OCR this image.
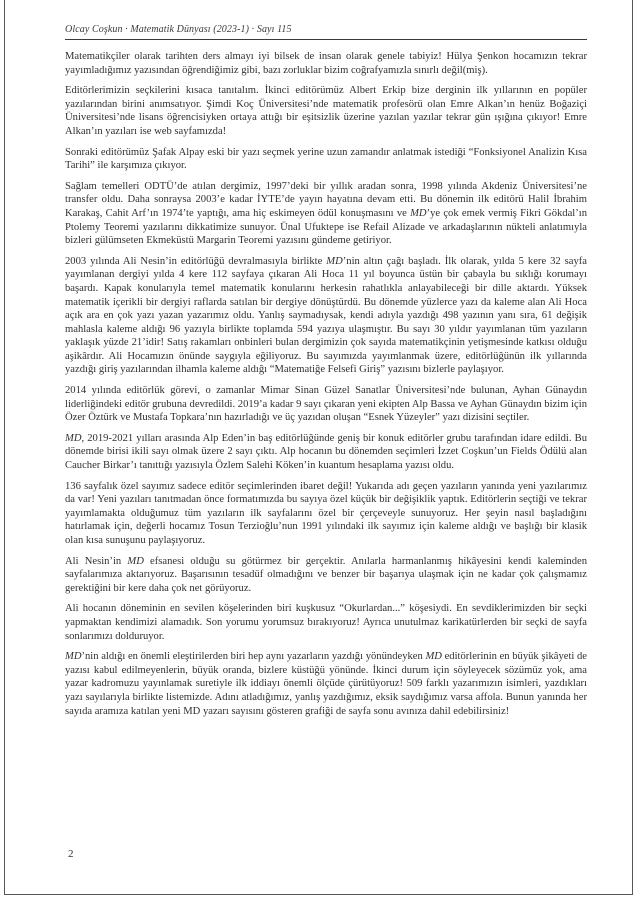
Olcay Coşkun · Matematik Dünyası (2023-1) · Sayı 115

Matematikçiler olarak tarihten ders almayı iyi bilsek de insan olarak genele tabiyiz! Hülya Şenkon hocamızın tekrar yayımladığımız yazısından öğrendiğimiz gibi, bazı zorluklar bizim coğrafyamızla sınırlı değil(miş).

Editörlerimizin seçkilerini kısaca tanıtalım. İkinci editörümüz Albert Erkip bize derginin ilk yıllarının en popüler yazılarından birini anımsatıyor. Şimdi Koç Üniversitesi’nde matematik profesörü olan Emre Alkan’ın henüz Boğaziçi Üniversitesi’nde lisans öğrencisiyken ortaya attığı bir eşitsizlik üzerine yazılan yazılar tekrar gün ışığına çıkıyor! Emre Alkan’ın yazıları ise web sayfamızda!

Sonraki editörümüz Şafak Alpay eski bir yazı seçmek yerine uzun zamandır anlatmak istediği “Fonksiyonel Analizin Kısa Tarihi” ile karşımıza çıkıyor.

Sağlam temelleri ODTÜ’de atılan dergimiz, 1997’deki bir yıllık aradan sonra, 1998 yılında Akdeniz Üniversitesi’ne transfer oldu. Daha sonraysa 2003’e kadar İYTE’de yayın hayatına devam etti. Bu dönemin ilk editörü Halil İbrahim Karakaş, Cahit Arf’ın 1974’te yaptığı, ama hiç eskimeyen ödül konuşmasını ve MD’ye çok emek vermiş Fikri Gökdal’ın Ptolemy Teoremi yazılarını dikkatimize sunuyor. Ünal Ufuktepe ise Refail Alizade ve arkadaşlarının nükteli anlatımıyla bizleri gülümseten Ekmeküstü Margarin Teoremi yazısını gündeme getiriyor.

2003 yılında Ali Nesin’in editörlüğü devralmasıyla birlikte MD’nin altın çağı başladı. İlk olarak, yılda 5 kere 32 sayfa yayımlanan dergiyi yılda 4 kere 112 sayfaya çıkaran Ali Hoca 11 yıl boyunca üstün bir çabayla bu sıklığı korumayı başardı. Kapak konularıyla temel matematik konularını herkesin rahatlıkla anlayabileceği bir dille aktardı. Yüksek matematik içerikli bir dergiyi raflarda satılan bir dergiye dönüştürdü. Bu dönemde yüzlerce yazı da kaleme alan Ali Hoca açık ara en çok yazı yazan yazarımız oldu. Yanlış saymadıysak, kendi adıyla yazdığı 498 yazının yanı sıra, 61 değişik mahlasla kaleme aldığı 96 yazıyla birlikte toplamda 594 yazıya ulaşmıştır. Bu sayı 30 yıldır yayımlanan tüm yazıların yaklaşık yüzde 21’idir! Satış rakamları onbinleri bulan dergimizin çok sayıda matematikçinin yetişmesinde katkısı olduğu aşikârdır. Ali Hocamızın önünde saygıyla eğiliyoruz. Bu sayımızda yayımlanmak üzere, editörlüğünün ilk yıllarında yazdığı giriş yazılarından ilhamla kaleme aldığı “Matematiğe Felsefi Giriş” yazısını bizlerle paylaşıyor.

2014 yılında editörlük görevi, o zamanlar Mimar Sinan Güzel Sanatlar Üniversitesi’nde bulunan, Ayhan Günaydın liderliğindeki editör grubuna devredildi. 2019’a kadar 9 sayı çıkaran yeni ekipten Alp Bassa ve Ayhan Günaydın bizim için Özer Öztürk ve Mustafa Topkara’nın hazırladığı ve üç yazıdan oluşan “Esnek Yüzeyler” yazı dizisini seçtiler.

MD, 2019-2021 yılları arasında Alp Eden’in baş editörlüğünde geniş bir konuk editörler grubu tarafından idare edildi. Bu dönemde birisi ikili sayı olmak üzere 2 sayı çıktı. Alp hocanın bu dönemden seçimleri İzzet Coşkun’un Fields Ödülü alan Caucher Birkar’ı tanıttığı yazısıyla Özlem Salehi Köken’in kuantum hesaplama yazısı oldu.

136 sayfalık özel sayımız sadece editör seçimlerinden ibaret değil! Yukarıda adı geçen yazıların yanında yeni yazılarımız da var! Yeni yazıları tanıtmadan önce formatımızda bu sayıya özel küçük bir değişiklik yaptık. Editörlerin seçtiği ve tekrar yayımlamakta olduğumuz tüm yazıların ilk sayfalarını özel bir çerçeveyle sunuyoruz. Her şeyin nasıl başladığını hatırlamak için, değerli hocamız Tosun Terzioğlu’nun 1991 yılındaki ilk sayımız için kaleme aldığı ve başlığı bir klasik olan kısa sunuşunu paylaşıyoruz.

Ali Nesin’in MD efsanesi olduğu su götürmez bir gerçektir. Anılarla harmanlanmış hikâyesini kendi kaleminden sayfalarımıza aktarıyoruz. Başarısının tesadüf olmadığını ve benzer bir başarıya ulaşmak için ne kadar çok çalışmamız gerektiğini bir kere daha çok net görüyoruz.

Ali hocanın döneminin en sevilen köşelerinden biri kuşkusuz “Okurlardan...” köşesiydi. En sevdiklerimizden bir seçki yapmaktan kendimizi alamadık. Son yorumu yorumsuz bırakıyoruz! Ayrıca unutulmaz karikatürlerden bir seçki de sayfa sonlarımızı dolduruyor.

MD’nin aldığı en önemli eleştirilerden biri hep aynı yazarların yazdığı yönündeyken MD editörlerinin en büyük şikâyeti de yazısı kabul edilmeyenlerin, büyük oranda, bizlere küstüğü yönünde. İkinci durum için söyleyecek sözümüz yok, ama yazar kadromuzu yayınlamak suretiyle ilk iddiayı önemli ölçüde çürütüyoruz! 509 farklı yazarımızın isimleri, yazdıkları yazı sayılarıyla birlikte listemizde. Adını atladığımız, yanlış yazdığımız, eksik saydığımız varsa affola. Bunun yanında her sayıda aramıza katılan yeni MD yazarı sayısını gösteren grafiği de sayfa sonu avınıza dahil edebilirsiniz!

2
